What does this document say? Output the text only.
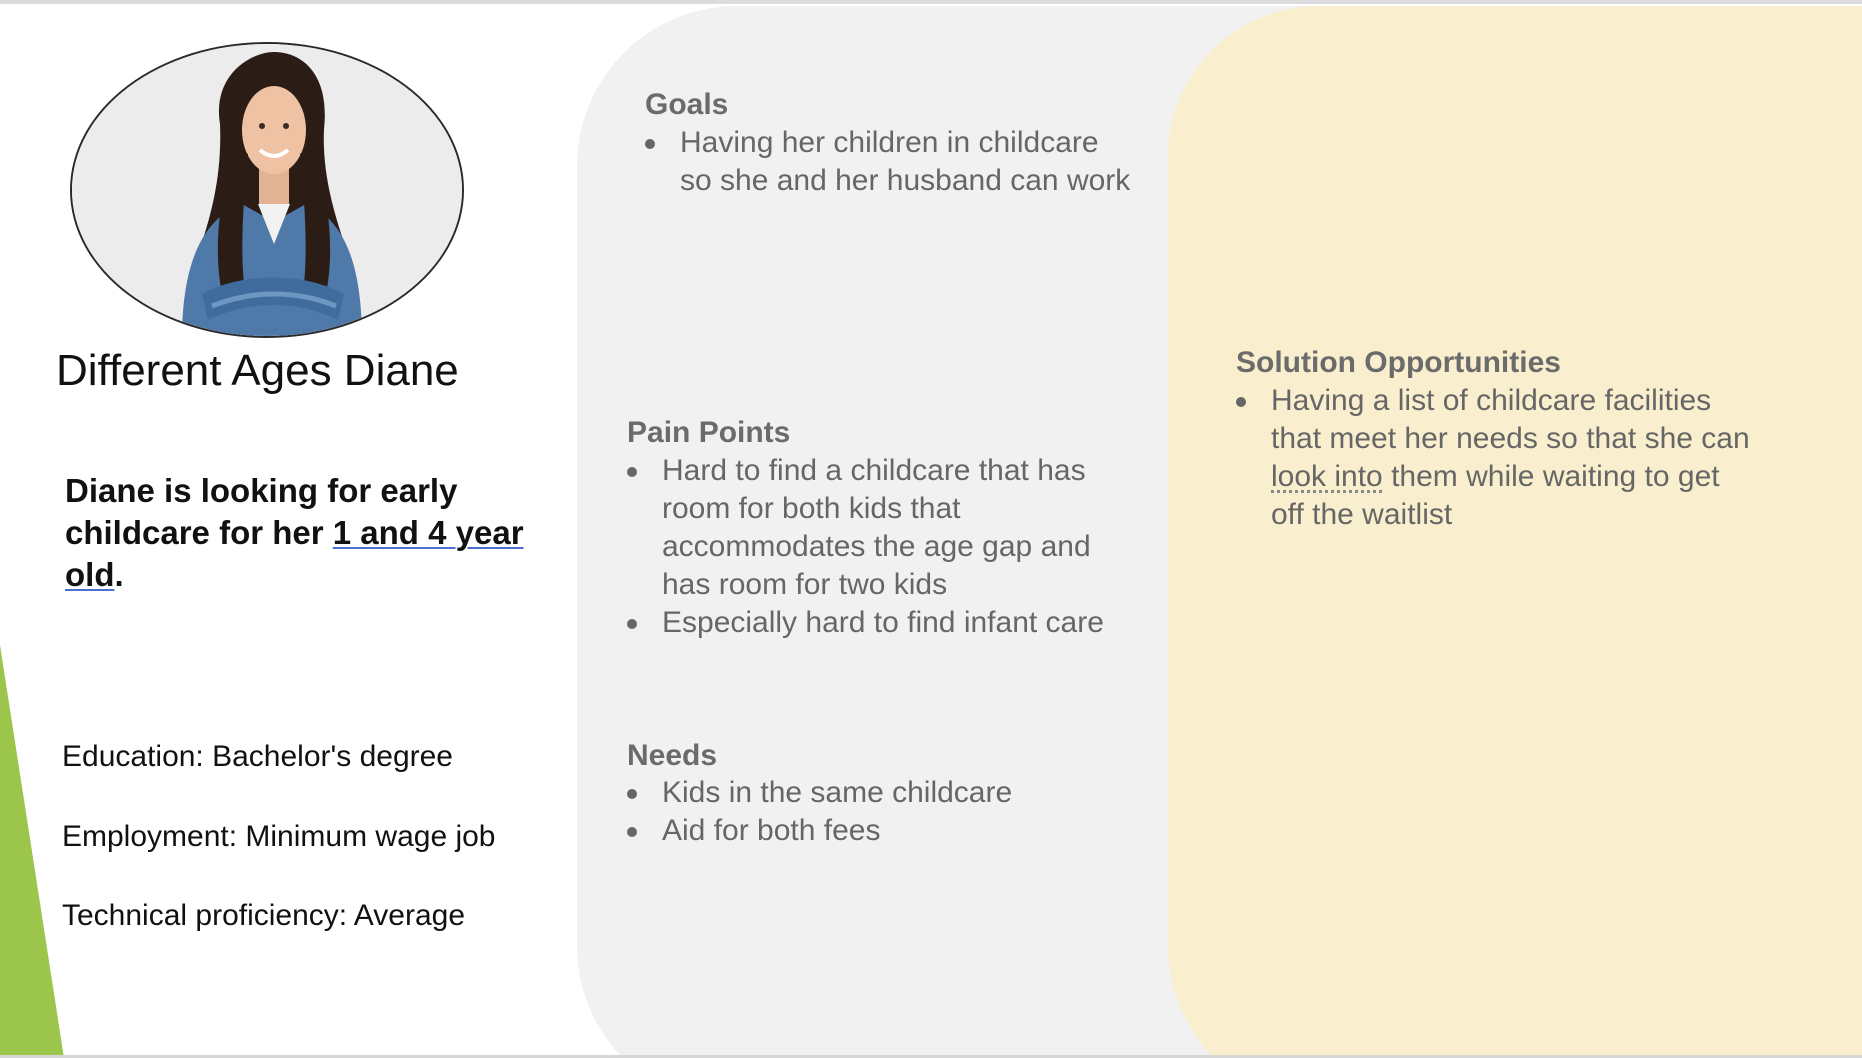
Different Ages Diane
Diane is looking for early childcare for her 1 and 4 year old.
Education: Bachelor's degree
Employment: Minimum wage job
Technical proficiency: Average
Goals
Having her children in childcare so she and her husband can work
Pain Points
Hard to find a childcare that has room for both kids that accommodates the age gap and has room for two kids
Especially hard to find infant care
Needs
Kids in the same childcare
Aid for both fees
Solution Opportunities
Having a list of childcare facilities that meet her needs so that she can look into them while waiting to get off the waitlist
